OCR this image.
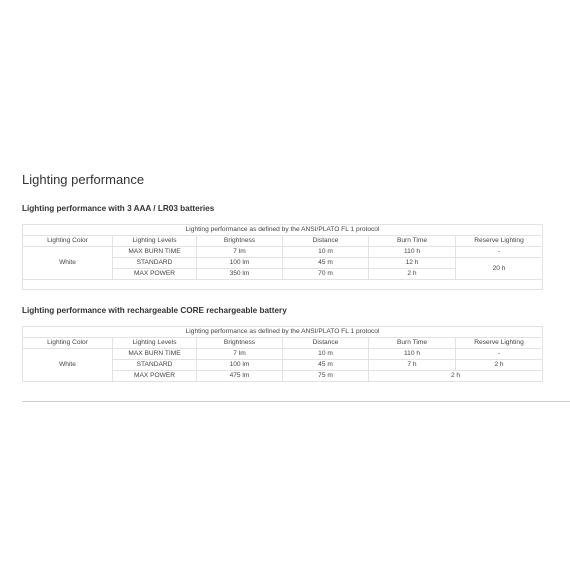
Lighting performance
Lighting performance with 3 AAA / LR03 batteries
Lighting performance as defined by the ANSI/PLATO FL 1 protocol					
Lighting Color	Lighting Levels	Brightness	Distance	Burn Time	Reserve Lighting
White	MAX BURN TIME	7 lm	10 m	110 h	-
	STANDARD	100 lm	45 m	12 h	20 h
	MAX POWER	350 lm	70 m	2 h	

Lighting performance with rechargeable CORE rechargeable battery
Lighting performance as defined by the ANSI/PLATO FL 1 protocol					
Lighting Color	Lighting Levels	Brightness	Distance	Burn Time	Reserve Lighting
White	MAX BURN TIME	7 lm	10 m	110 h	-
	STANDARD	100 lm	45 m	7 h	2 h
	MAX POWER	475 lm	75 m	2 h	
